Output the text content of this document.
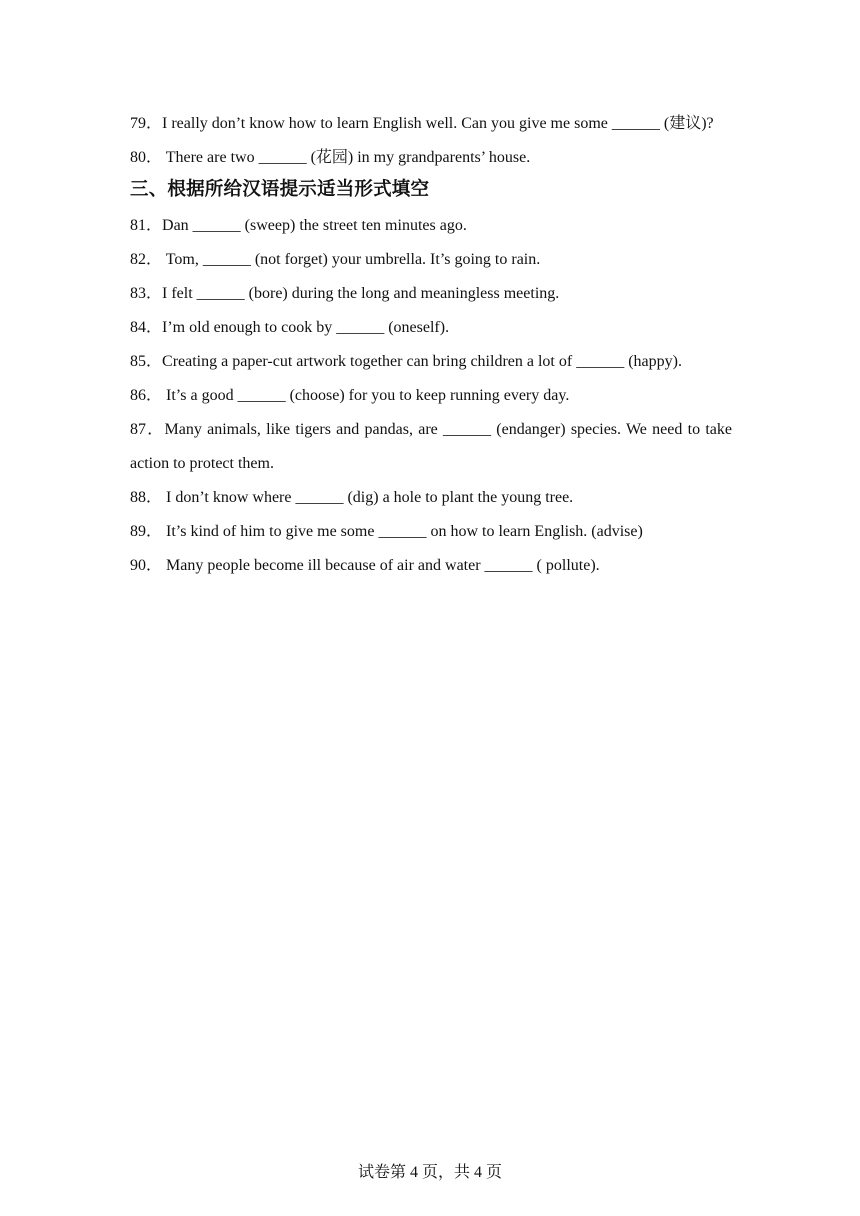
79．I really don’t know how to learn English well. Can you give me some ______ (建议)?

80． There are two ______ (花园) in my grandparents’ house.

三、根据所给汉语提示适当形式填空

81．Dan ______ (sweep) the street ten minutes ago.

82． Tom, ______ (not forget) your umbrella. It’s going to rain.

83．I felt ______ (bore) during the long and meaningless meeting.

84．I’m old enough to cook by ______ (oneself).

85．Creating a paper-cut artwork together can bring children a lot of ______ (happy).

86． It’s a good ______ (choose) for you to keep running every day.

87．Many animals, like tigers and pandas, are ______ (endanger) species. We need to take action to protect them.

88． I don’t know where ______ (dig) a hole to plant the young tree.

89． It’s kind of him to give me some ______ on how to learn English. (advise)

90． Many people become ill because of air and water ______ ( pollute).

试卷第 4 页，共 4 页
